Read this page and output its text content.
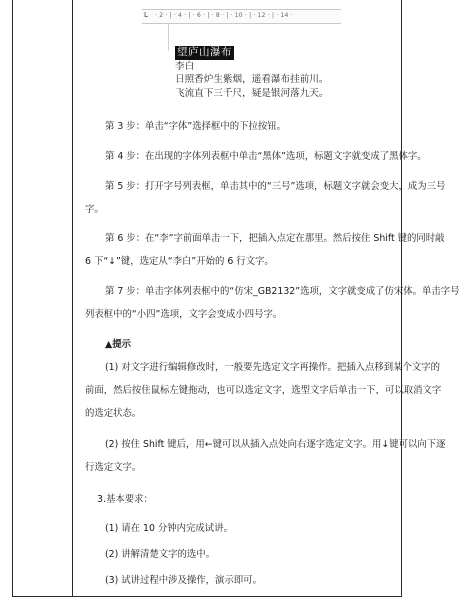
L	· 2 · | · 4 · | · 6 · | · 8 · | · 10 · | · 12 · | · 14 ·
望庐山瀑布
李白
日照香炉生紫烟，遥看瀑布挂前川。
飞流直下三千尺，疑是银河落九天。
第 3 步：单击“字体”选择框中的下拉按钮。
第 4 步：在出现的字体列表框中单击“黑体”选项，标题文字就变成了黑体字。
第 5 步：打开字号列表框，单击其中的“三号”选项，标题文字就会变大，成为三号
字。
第 6 步：在“李”字前面单击一下，把插入点定在那里。然后按住 Shift 键的同时敲
6 下“↓”键，选定从“李白”开始的 6 行文字。
第 7 步：单击字体列表框中的“仿宋_GB2132”选项，文字就变成了仿宋体。单击字号
列表框中的“小四”选项，文字会变成小四号字。
▲提示
(1) 对文字进行编辑修改时，一般要先选定文字再操作。把插入点移到某个文字的
前面，然后按住鼠标左键拖动，也可以选定文字，选型文字后单击一下，可以取消文字
的选定状态。
(2) 按住 Shift 键后，用←键可以从插入点处向右逐字选定文字。用↓键可以向下逐
行选定文字。
3.基本要求：
(1) 请在 10 分钟内完成试讲。
(2) 讲解清楚文字的选中。
(3) 试讲过程中涉及操作，演示即可。
